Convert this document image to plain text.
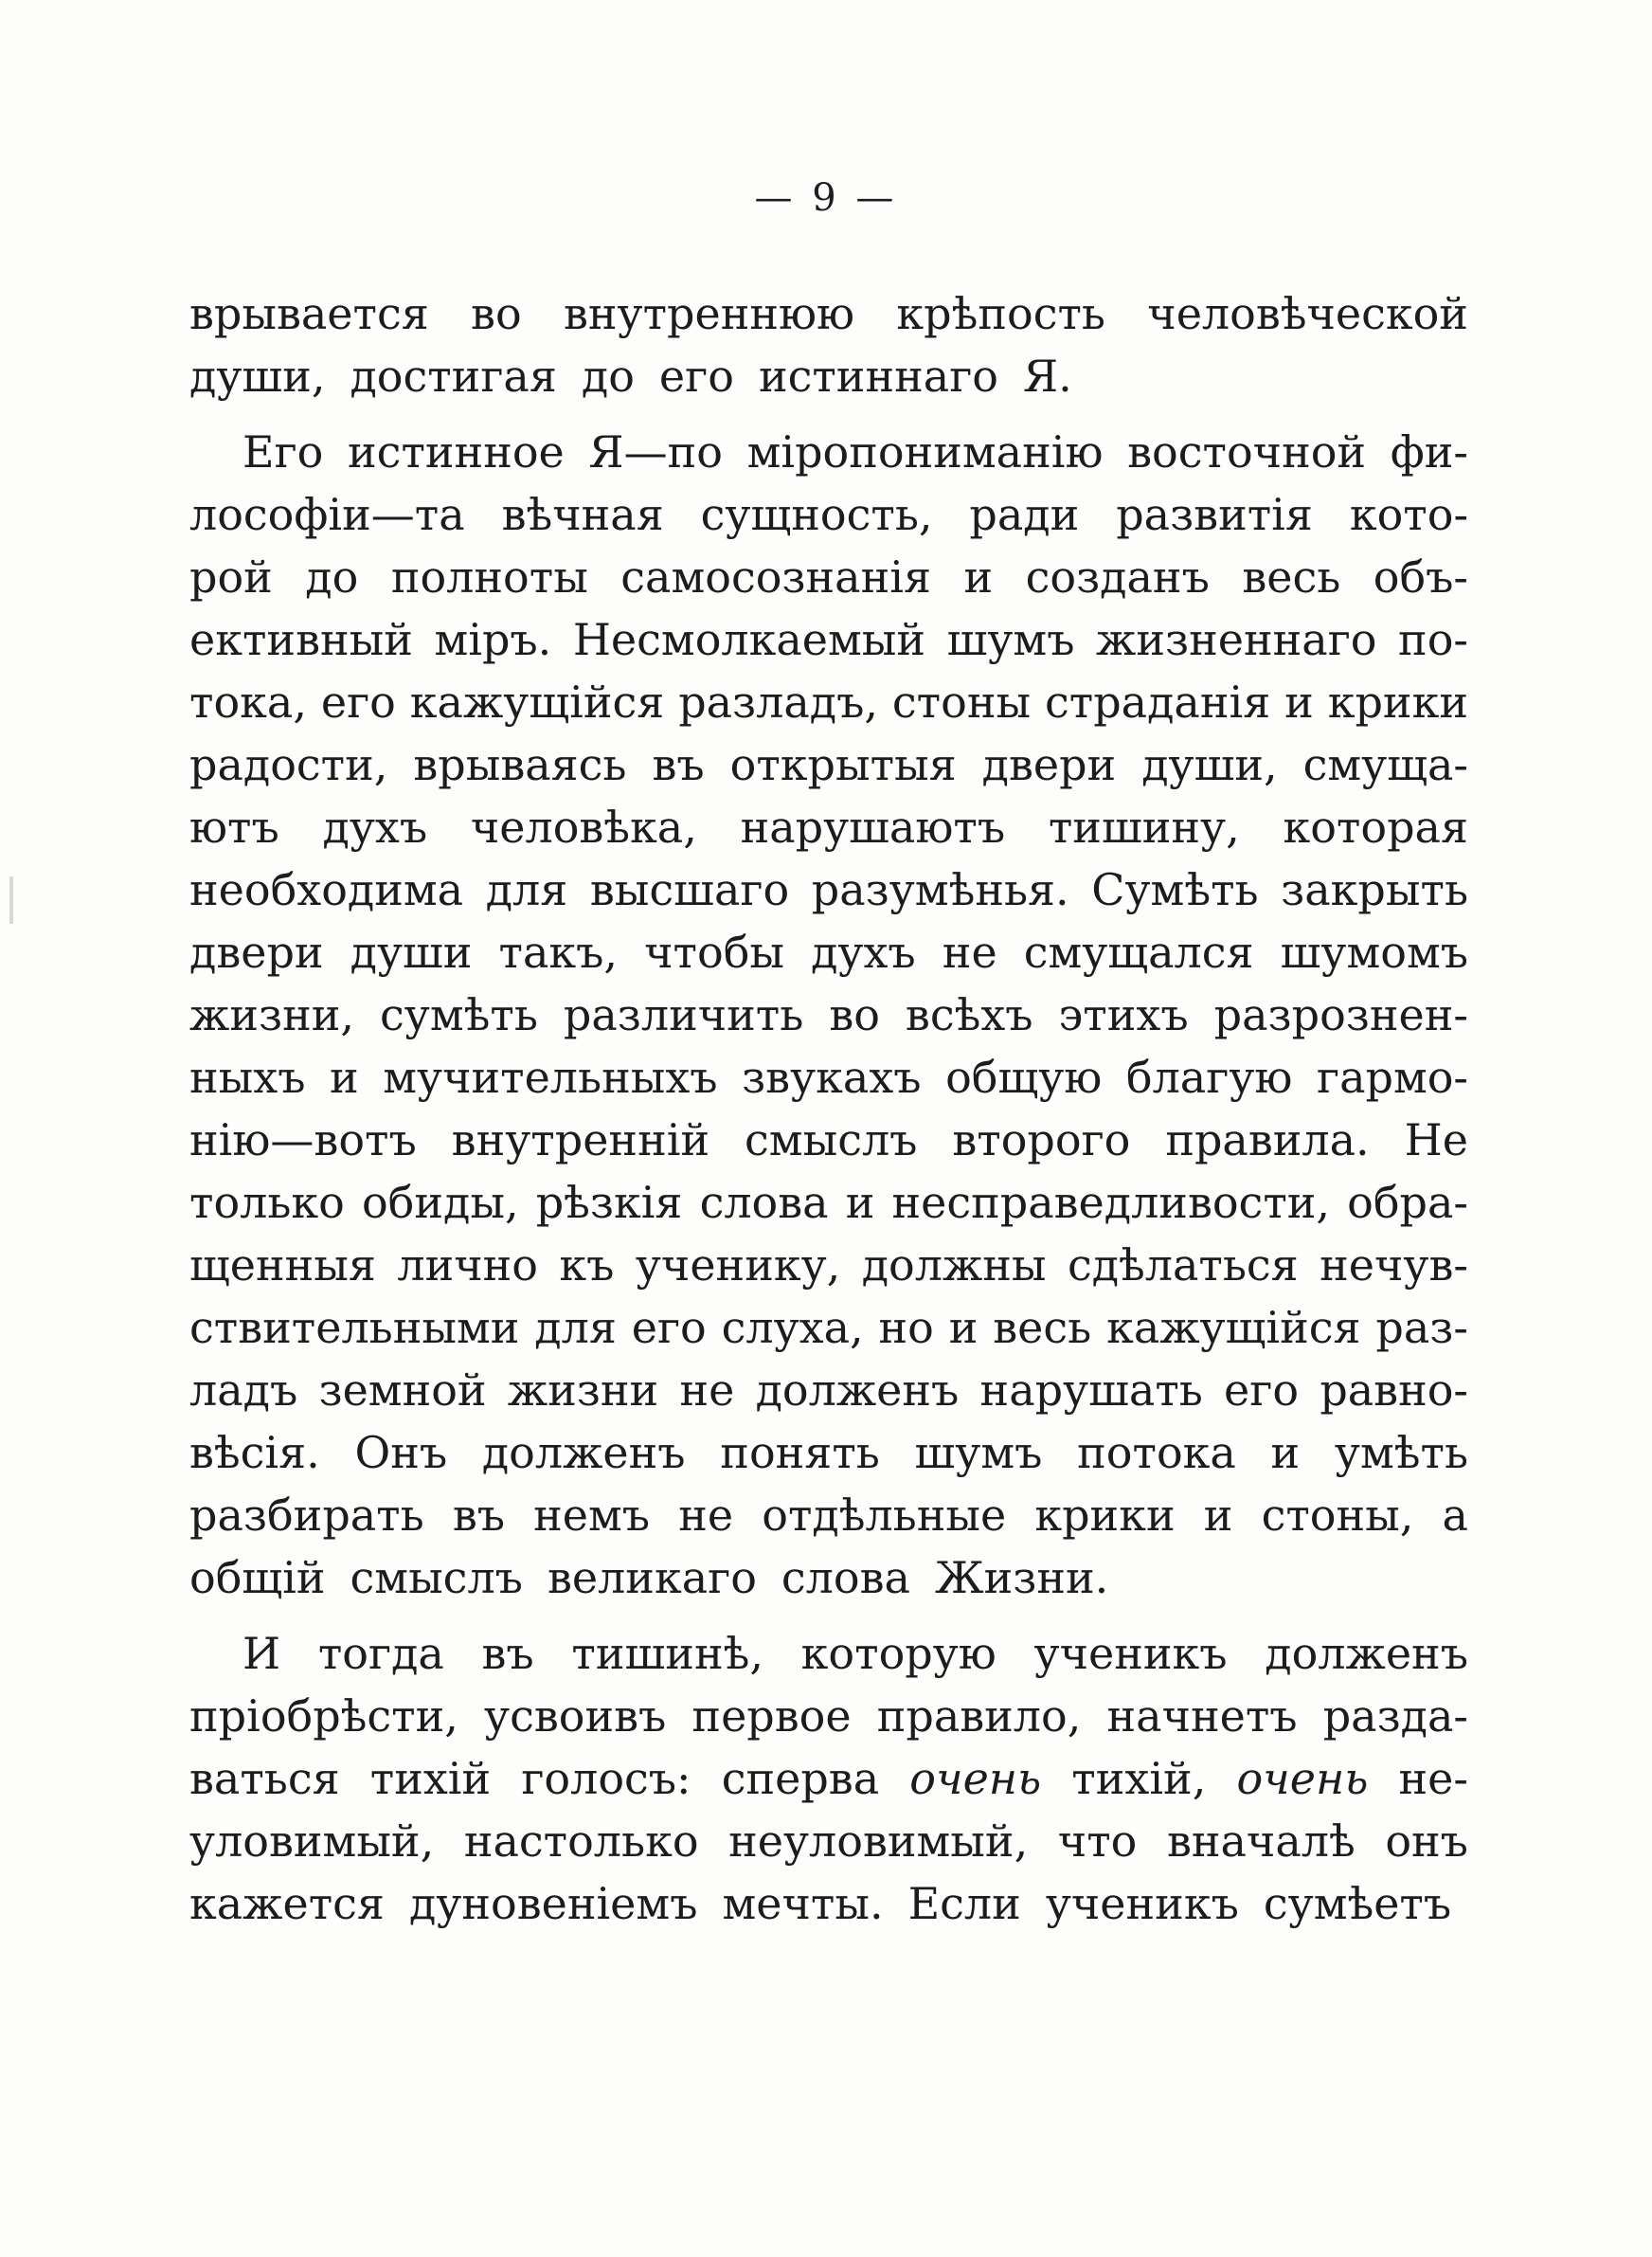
— 9 —
врывается во внутреннюю крѣпость человѣческой
души, достигая до его истиннаго Я.
Его истинное Я—по міропониманію восточной фи-
лософіи—та вѣчная сущность, ради развитія кото-
рой до полноты самосознанія и созданъ весь объ-
ективный міръ. Несмолкаемый шумъ жизненнаго по-
тока, его кажущійся разладъ, стоны страданія и крики
радости, врываясь въ открытыя двери души, смуща-
ютъ духъ человѣка, нарушаютъ тишину, которая
необходима для высшаго разумѣнья. Сумѣть закрыть
двери души такъ, чтобы духъ не смущался шумомъ
жизни, сумѣть различить во всѣхъ этихъ разрознен-
ныхъ и мучительныхъ звукахъ общую благую гармо-
нію—вотъ внутренній смыслъ второго правила. Не
только обиды, рѣзкія слова и несправедливости, обра-
щенныя лично къ ученику, должны сдѣлаться нечув-
ствительными для его слуха, но и весь кажущійся раз-
ладъ земной жизни не долженъ нарушать его равно-
вѣсія. Онъ долженъ понять шумъ потока и умѣть
разбирать въ немъ не отдѣльные крики и стоны, а
общій смыслъ великаго слова Жизни.
И тогда въ тишинѣ, которую ученикъ долженъ
пріобрѣсти, усвоивъ первое правило, начнетъ разда-
ваться тихій голосъ: сперва очень тихій, очень не-
уловимый, настолько неуловимый, что вначалѣ онъ
кажется дуновеніемъ мечты. Если ученикъ сумѣетъ
